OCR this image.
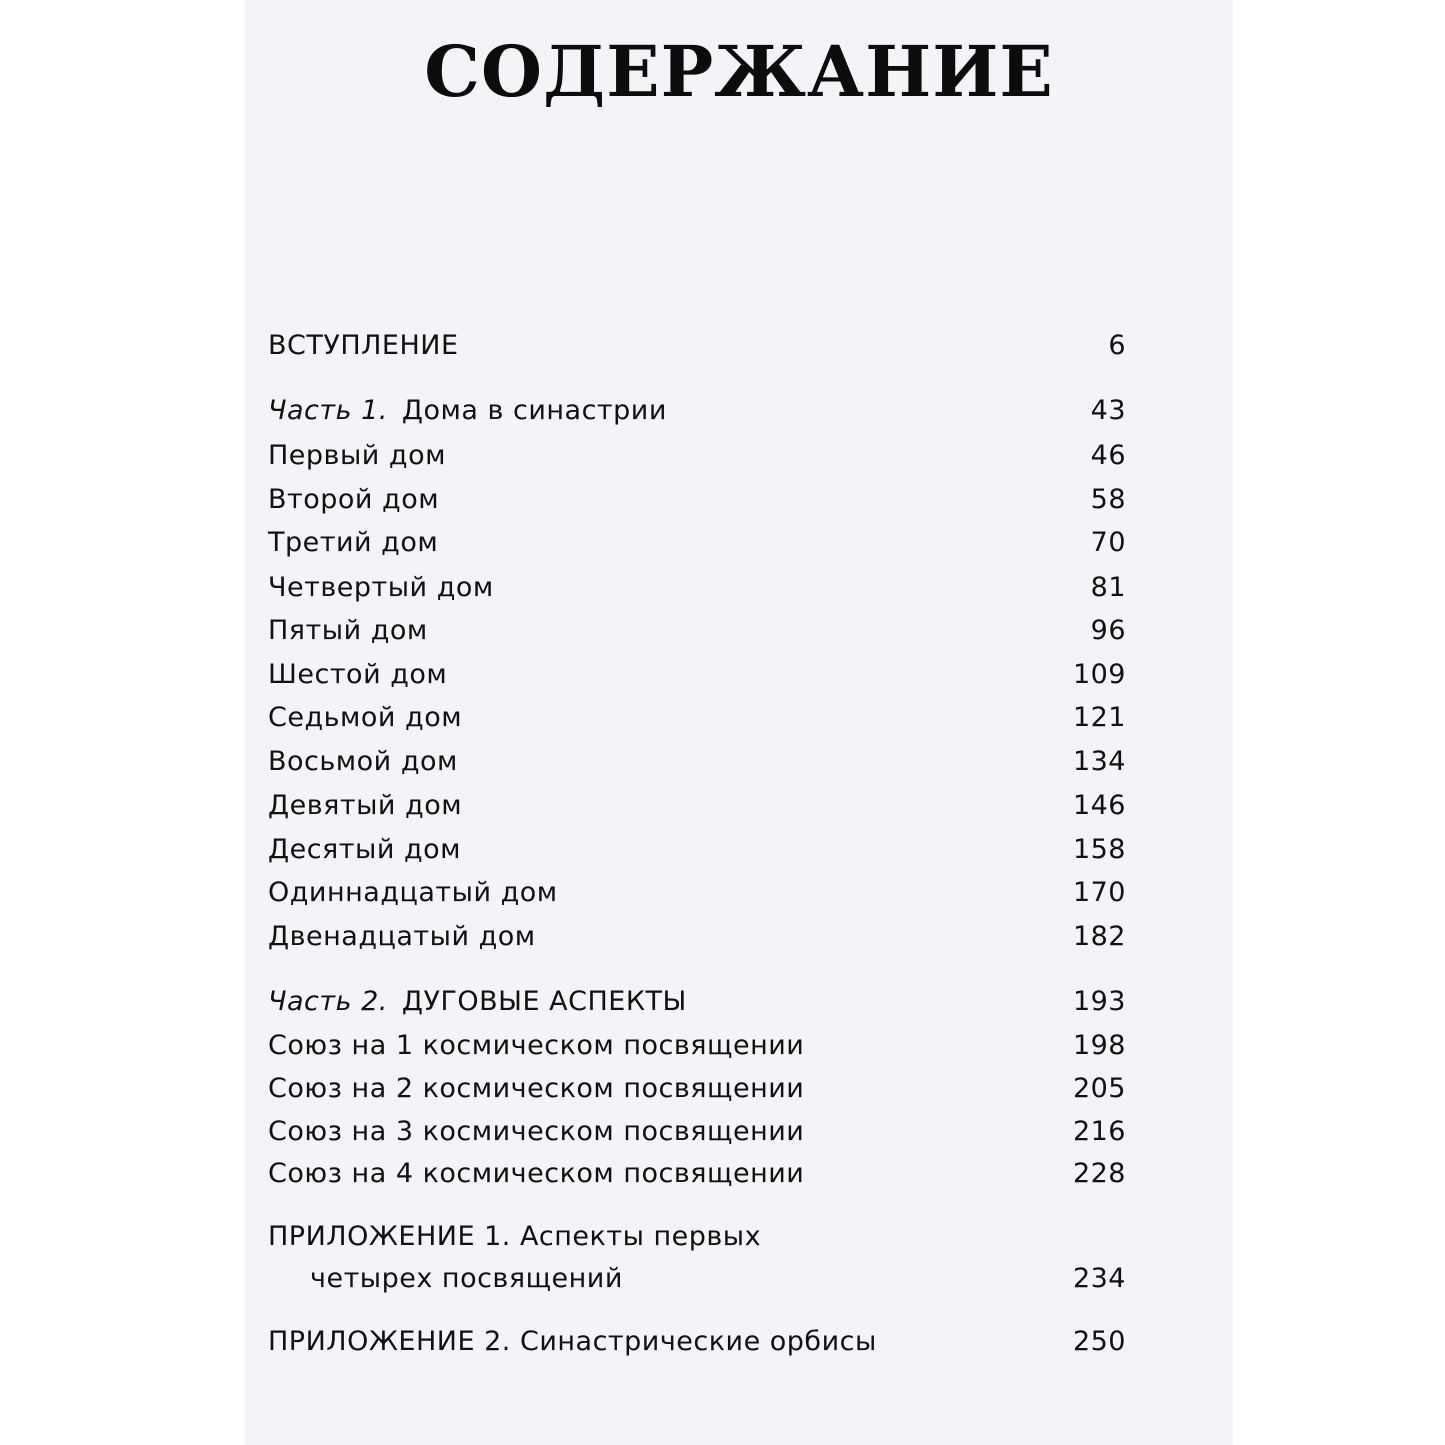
СОДЕРЖАНИЕ
ВСТУПЛЕНИЕ	6
Часть 1. Дома в синастрии	43
Первый дом	46
Второй дом	58
Третий дом	70
Четвертый дом	81
Пятый дом	96
Шестой дом	109
Седьмой дом	121
Восьмой дом	134
Девятый дом	146
Десятый дом	158
Одиннадцатый дом	170
Двенадцатый дом	182
Часть 2. ДУГОВЫЕ АСПЕКТЫ	193
Союз на 1 космическом посвящении	198
Союз на 2 космическом посвящении	205
Союз на 3 космическом посвящении	216
Союз на 4 космическом посвящении	228
ПРИЛОЖЕНИЕ 1. Аспекты первых
четырех посвящений	234
ПРИЛОЖЕНИЕ 2. Синастрические орбисы	250
